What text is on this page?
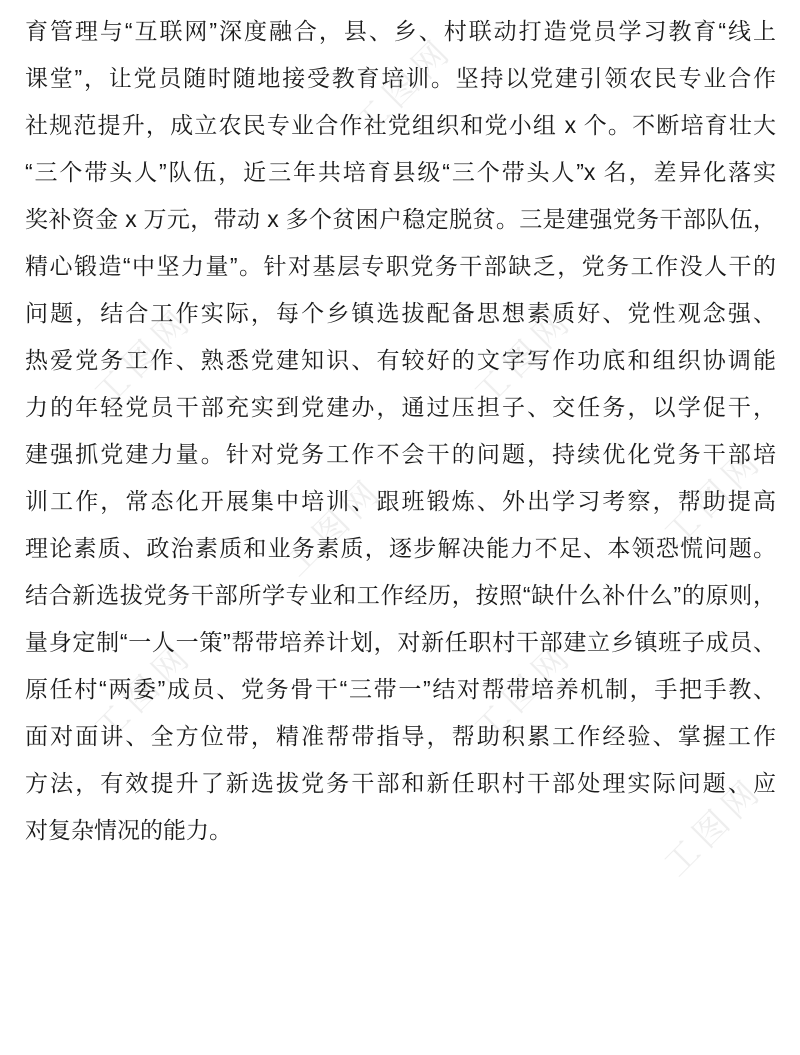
工图网
工图网	工图网
工图网
工图网
工图网
工图网
工图网
育管理与“互联网”深度融合，县、乡、村联动打造党员学习教育“线上
课堂”，让党员随时随地接受教育培训。坚持以党建引领农民专业合作
社规范提升，成立农民专业合作社党组织和党小组 x 个。不断培育壮大
“三个带头人”队伍，近三年共培育县级“三个带头人”x 名，差异化落实
奖补资金 x 万元，带动 x 多个贫困户稳定脱贫。三是建强党务干部队伍，
精心锻造“中坚力量”。针对基层专职党务干部缺乏，党务工作没人干的
问题，结合工作实际，每个乡镇选拔配备思想素质好、党性观念强、
热爱党务工作、熟悉党建知识、有较好的文字写作功底和组织协调能
力的年轻党员干部充实到党建办，通过压担子、交任务，以学促干，
建强抓党建力量。针对党务工作不会干的问题，持续优化党务干部培
训工作，常态化开展集中培训、跟班锻炼、外出学习考察，帮助提高
理论素质、政治素质和业务素质，逐步解决能力不足、本领恐慌问题。
结合新选拔党务干部所学专业和工作经历，按照“缺什么补什么”的原则，
量身定制“一人一策”帮带培养计划，对新任职村干部建立乡镇班子成员、
原任村“两委”成员、党务骨干“三带一”结对帮带培养机制，手把手教、
面对面讲、全方位带，精准帮带指导，帮助积累工作经验、掌握工作
方法，有效提升了新选拔党务干部和新任职村干部处理实际问题、应
对复杂情况的能力。
